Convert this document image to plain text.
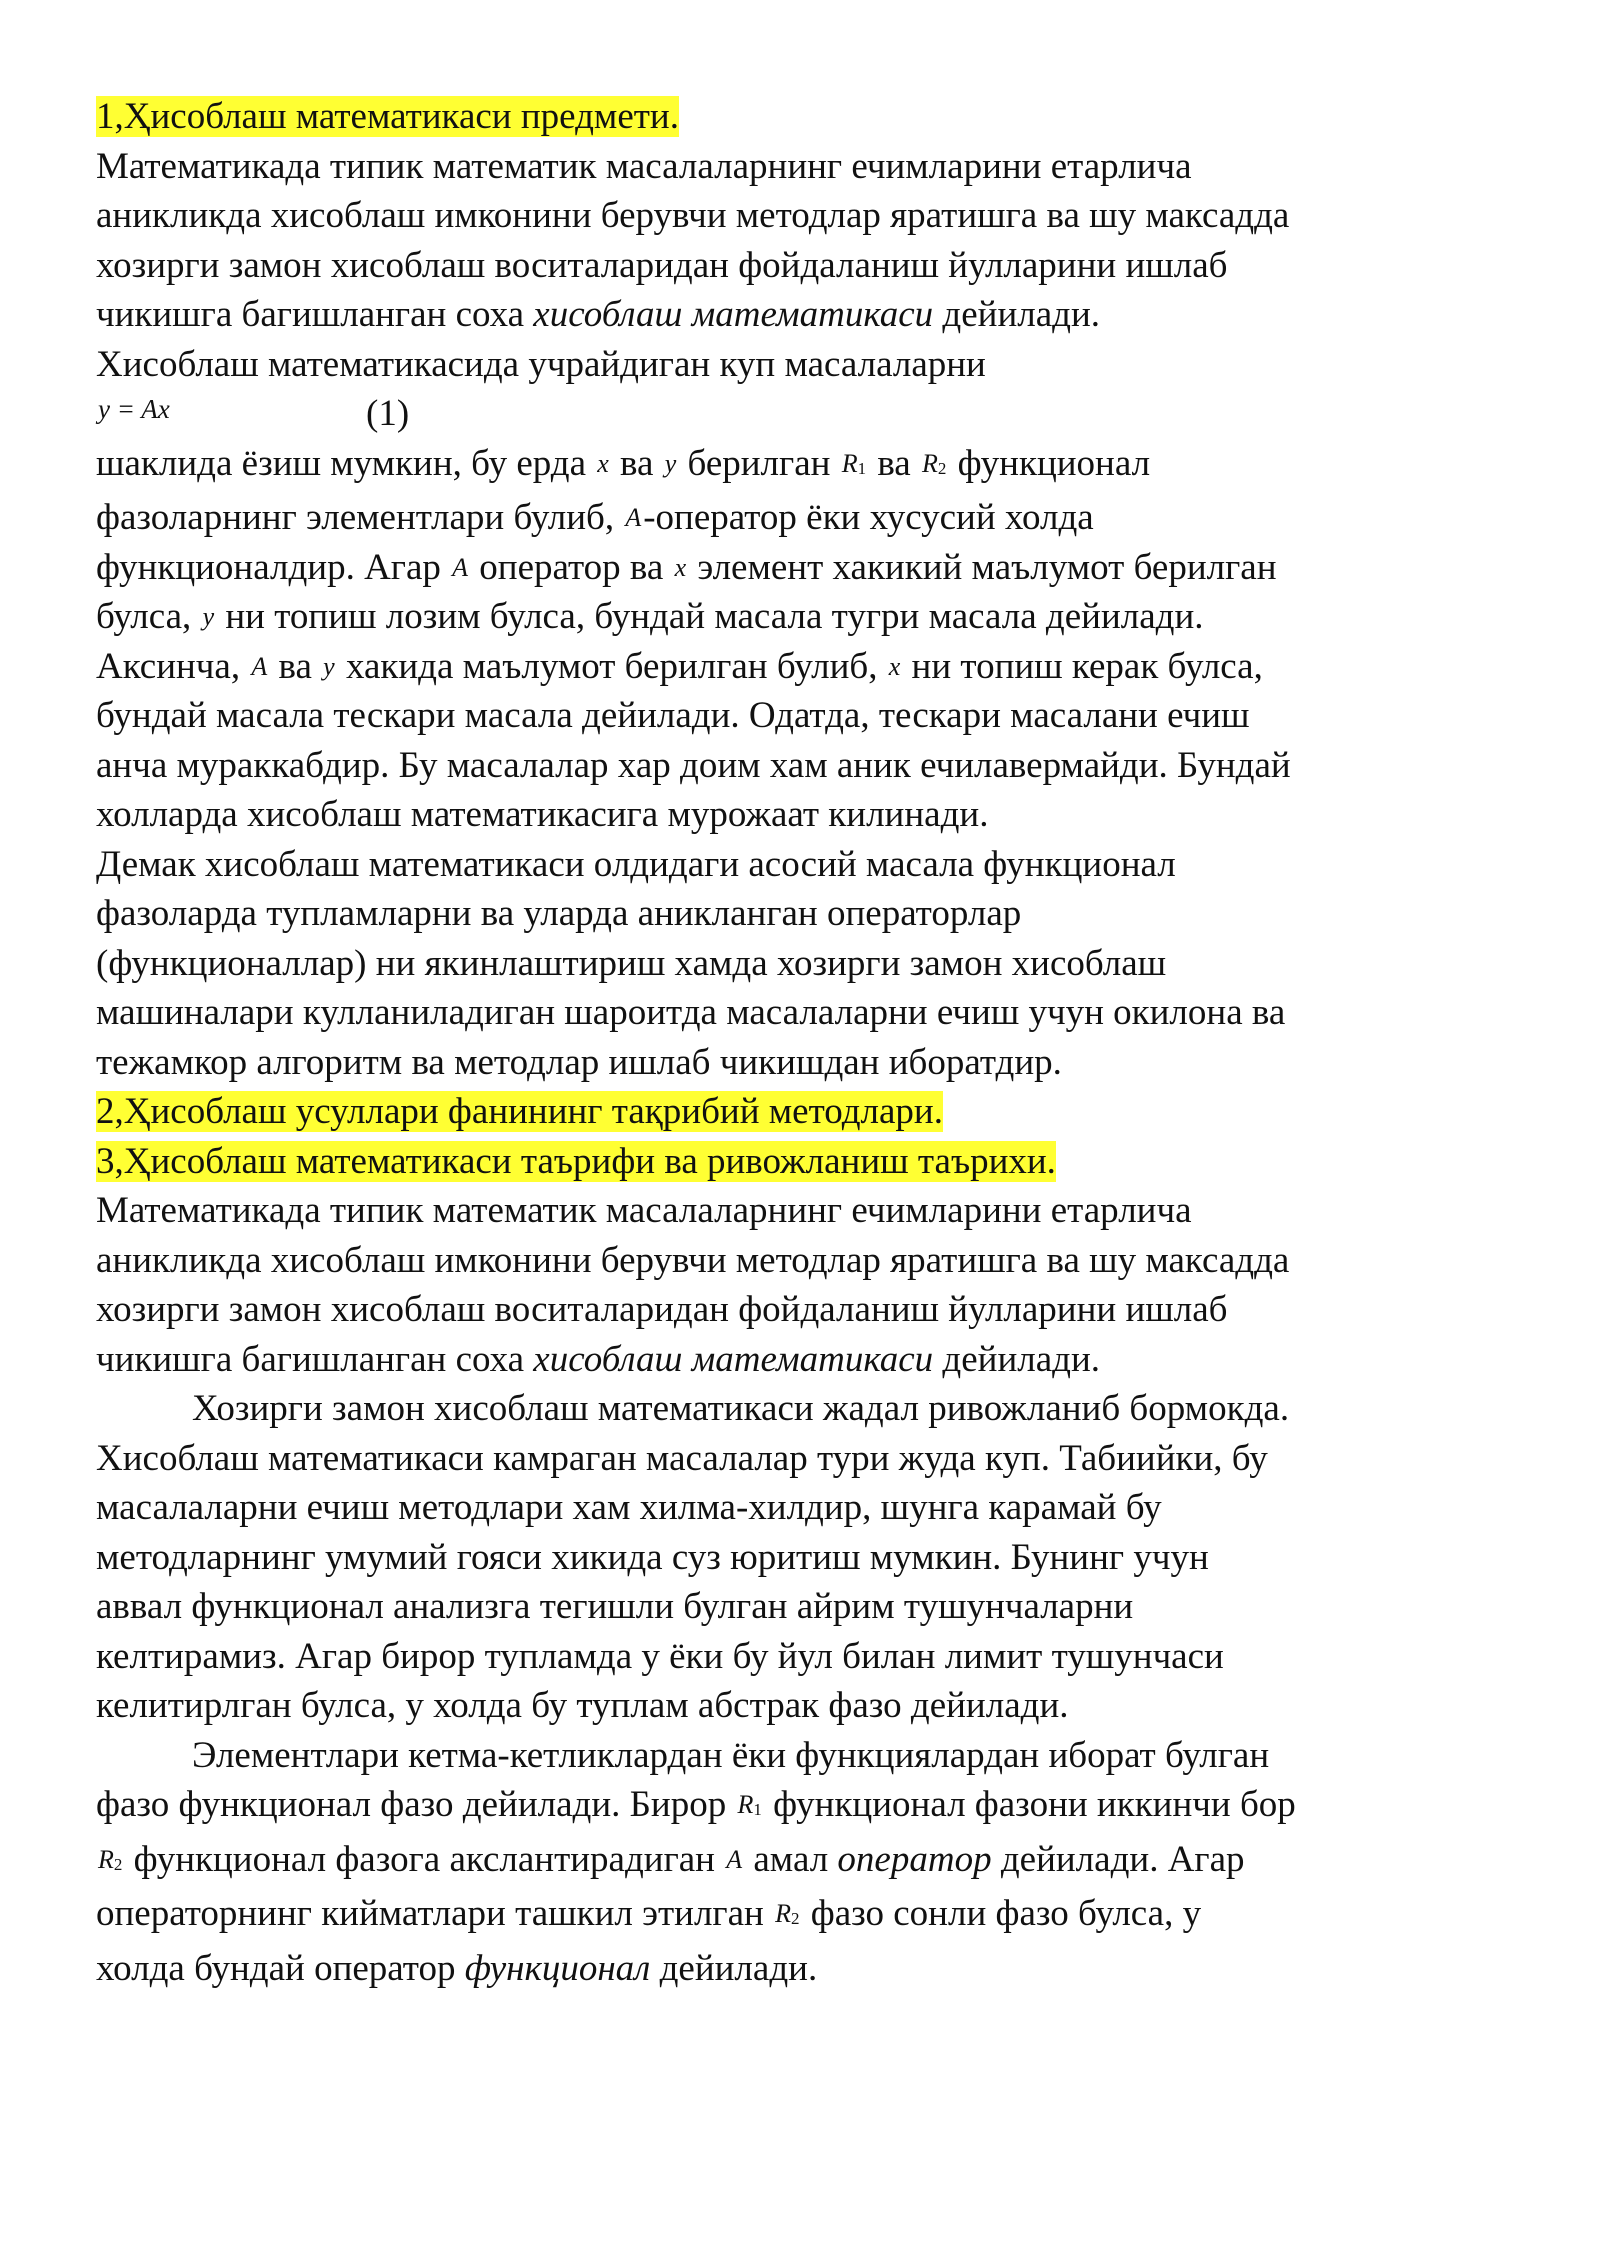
1,Ҳисоблаш математикаси предмети.
Математикада типик математик масалаларнинг ечимларини етарлича
аникликда хисоблаш имконини берувчи методлар яратишга ва шу максадда
хозирги замон хисоблаш воситаларидан фойдаланиш йулларини ишлаб
чикишга багишланган соха хисоблаш математикаси дейилади.
Хисоблаш математикасида учрайдиган куп масалаларни
y = Ax	(1)
шаклида ёзиш мумкин, бу ерда x ва y берилган $R_1$ ва $R_2$ функционал
фазоларнинг элементлари булиб, A-оператор ёки хусусий холда
функционалдир. Агар A оператор ва x элемент хакикий маълумот берилган
булса, y ни топиш лозим булса, бундай масала тугри масала дейилади.
Аксинча, A ва y хакида маълумот берилган булиб, x ни топиш керак булса,
бундай масала тескари масала дейилади. Одатда, тескари масалани ечиш
анча мураккабдир. Бу масалалар хар доим хам аник ечилавермайди. Бундай
холларда хисоблаш математикасига мурожаат килинади.
Демак хисоблаш математикаси олдидаги асосий масала функционал
фазоларда тупламларни ва уларда аникланган операторлар
(функционаллар) ни якинлаштириш хамда хозирги замон хисоблаш
машиналари кулланиладиган шароитда масалаларни ечиш учун окилона ва
тежамкор алгоритм ва методлар ишлаб чикишдан иборатдир.
2,Ҳисоблаш усуллари фанининг тақрибий методлари.
3,Ҳисоблаш математикаси таърифи ва ривожланиш таърихи.
Математикада типик математик масалаларнинг ечимларини етарлича
аникликда хисоблаш имконини берувчи методлар яратишга ва шу максадда
хозирги замон хисоблаш воситаларидан фойдаланиш йулларини ишлаб
чикишга багишланган соха хисоблаш математикаси дейилади.
Хозирги замон хисоблаш математикаси жадал ривожланиб бормокда.
Хисоблаш математикаси камраган масалалар тури жуда куп. Табиийки, бу
масалаларни ечиш методлари хам хилма-хилдир, шунга карамай бу
методларнинг умумий гояси хикида суз юритиш мумкин. Бунинг учун
аввал функционал анализга тегишли булган айрим тушунчаларни
келтирамиз. Агар бирор тупламда у ёки бу йул билан лимит тушунчаси
келитирлган булса, у холда бу туплам абстрак фазо дейилади.
Элементлари кетма-кетликлардан ёки функциялардан иборат булган
фазо функционал фазо дейилади. Бирор $R_1$ функционал фазони иккинчи бор
$R_2$ функционал фазога акслантирадиган A амал оператор дейилади. Агар
операторнинг кийматлари ташкил этилган $R_2$ фазо сонли фазо булса, у
холда бундай оператор функционал дейилади.
